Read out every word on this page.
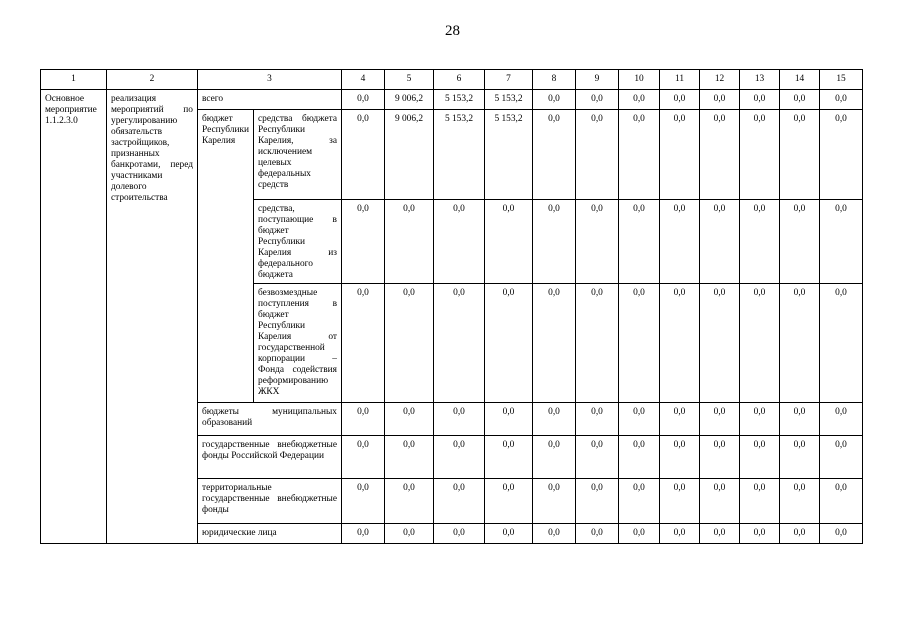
28
1	2	3		4	5	6	7	8	9	10	11	12	13	14	15
Основное мероприятие 1.1.2.3.0	реализация мероприятий по урегулированию обязательств застройщиков, признанных банкротами, перед участниками долевого строительства	всего		0,0	9 006,2	5 153,2	5 153,2	0,0	0,0	0,0	0,0	0,0	0,0	0,0	0,0
		бюджет Республики Карелия	средства бюджета Республики Карелия, за исключением целевых федеральных средств	0,0	9 006,2	5 153,2	5 153,2	0,0	0,0	0,0	0,0	0,0	0,0	0,0	0,0
			средства, поступающие в бюджет Республики Карелия из федерального бюджета	0,0	0,0	0,0	0,0	0,0	0,0	0,0	0,0	0,0	0,0	0,0	0,0
			безвозмездные поступления в бюджет Республики Карелия от государственной корпорации – Фонда содействия реформированию ЖКХ	0,0	0,0	0,0	0,0	0,0	0,0	0,0	0,0	0,0	0,0	0,0	0,0
		бюджеты муниципальных образований		0,0	0,0	0,0	0,0	0,0	0,0	0,0	0,0	0,0	0,0	0,0	0,0
		государственные внебюджетные фонды Российской Федерации		0,0	0,0	0,0	0,0	0,0	0,0	0,0	0,0	0,0	0,0	0,0	0,0
		территориальные государственные внебюджетные фонды		0,0	0,0	0,0	0,0	0,0	0,0	0,0	0,0	0,0	0,0	0,0	0,0
		юридические лица		0,0	0,0	0,0	0,0	0,0	0,0	0,0	0,0	0,0	0,0	0,0	0,0
